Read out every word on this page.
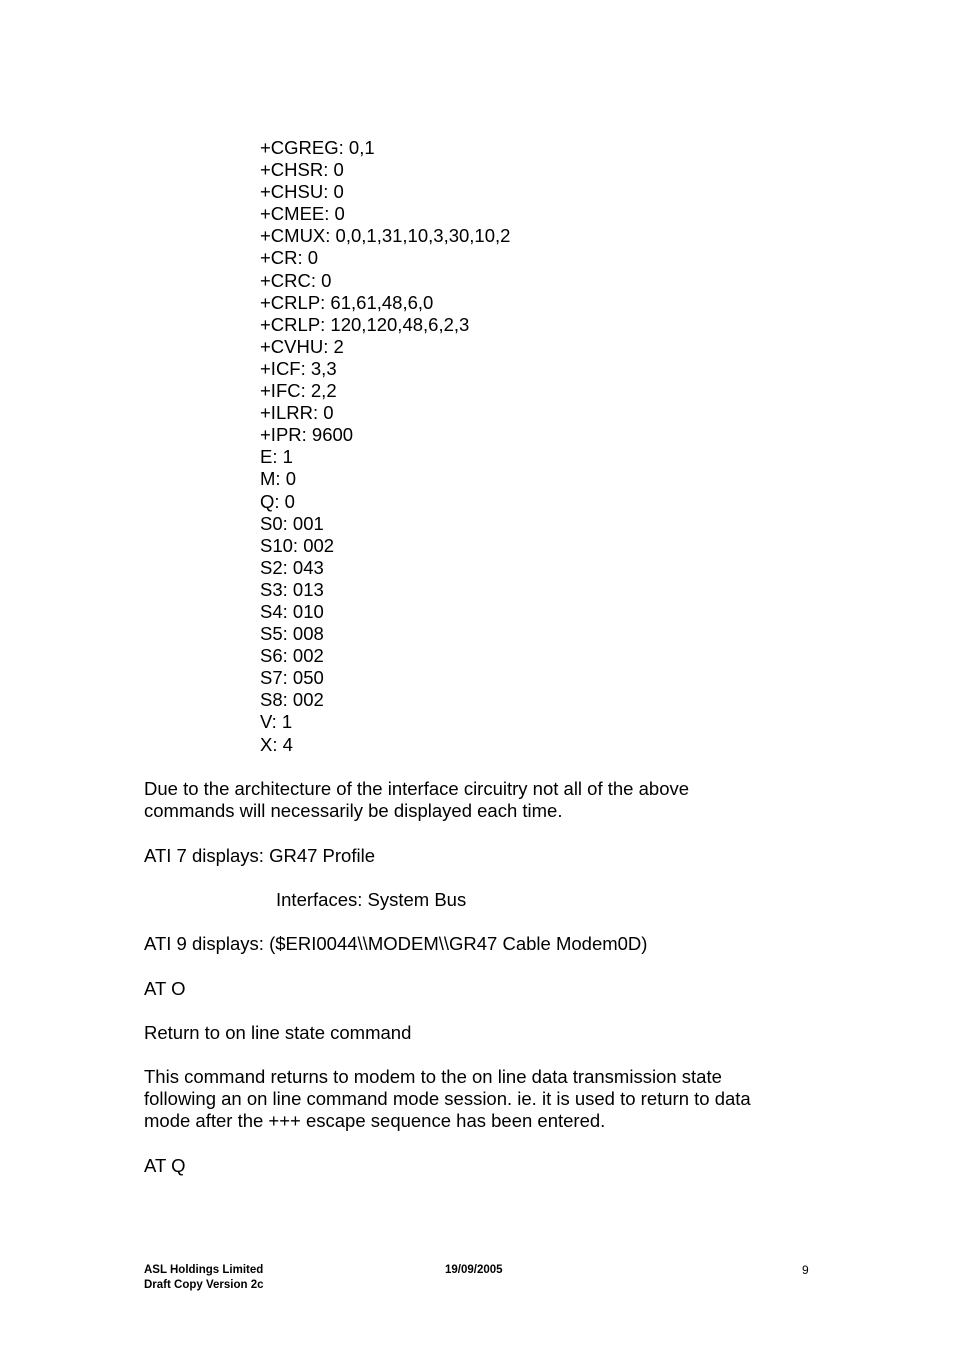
+CGREG: 0,1
+CHSR: 0
+CHSU: 0
+CMEE: 0
+CMUX: 0,0,1,31,10,3,30,10,2
+CR: 0
+CRC: 0
+CRLP: 61,61,48,6,0
+CRLP: 120,120,48,6,2,3
+CVHU: 2
+ICF: 3,3
+IFC: 2,2
+ILRR: 0
+IPR: 9600
E: 1
M: 0
Q: 0
S0: 001
S10: 002
S2: 043
S3: 013
S4: 010
S5: 008
S6: 002
S7: 050
S8: 002
V: 1
X: 4

Due to the architecture of the interface circuitry not all of the above

commands will necessarily be displayed each time.

ATI 7 displays: GR47 Profile

Interfaces: System Bus

ATI 9 displays: ($ERI0044\\MODEM\\GR47 Cable Modem0D)

AT O

Return to on line state command

This command returns to modem to the on line data transmission state

following an on line command mode session. ie. it is used to return to data

mode after the +++ escape sequence has been entered.

AT Q

ASL Holdings Limited
Draft Copy Version 2c
19/09/2005	9
